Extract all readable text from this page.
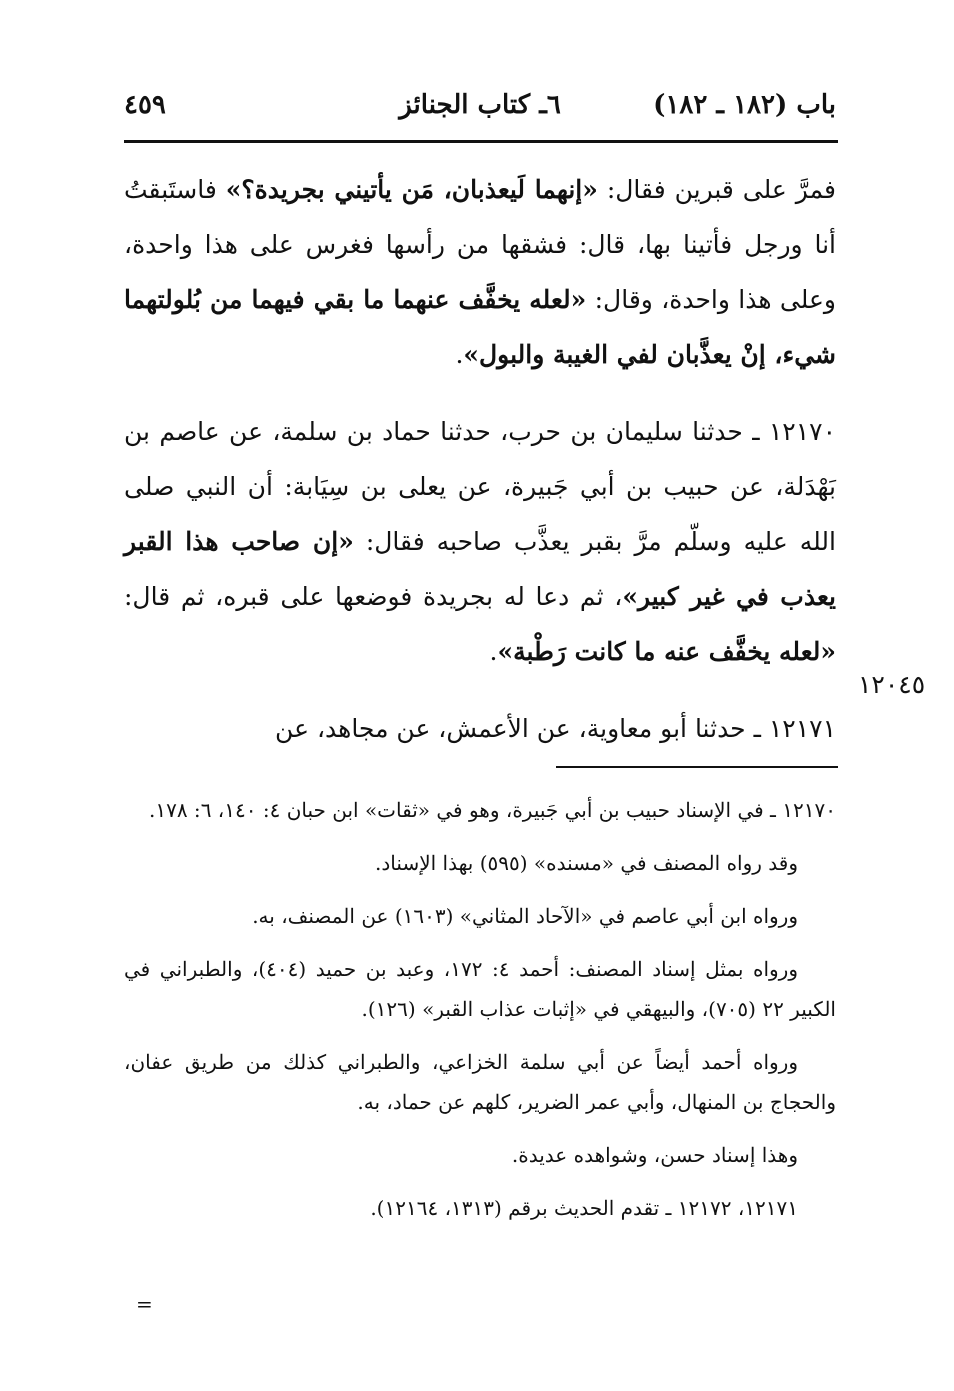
باب (١٨٢ ـ ١٨٢)
٦ـ كتاب الجنائز
٤٥٩

فمرَّ على قبرين فقال: «إنهما لَيعذبان، مَن يأتيني بجريدة؟» فاستَبقتُ أنا ورجل فأتينا بها، قال: فشقها من رأسها فغرس على هذا واحدة، وعلى هذا واحدة، وقال: «لعله يخفَّف عنهما ما بقي فيهما من بُلولتهما شيء، إنْ يعذَّبان لفي الغيبة والبول».

١٢١٧٠ ـ حدثنا سليمان بن حرب، حدثنا حماد بن سلمة، عن عاصم بن بَهْدَلة، عن حبيب بن أبي جَبيرة، عن يعلى بن سِيَابة: أن النبي صلى الله عليه وسلّم مرَّ بقبر يعذَّب صاحبه فقال: «إن صاحب هذا القبر يعذب في غير كبير»، ثم دعا له بجريدة فوضعها على قبره، ثم قال: «لعله يخفَّف عنه ما كانت رَطْبة».

١٢١٧١ ـ حدثنا أبو معاوية، عن الأعمش، عن مجاهد، عن

١٢٠٤٥

١٢١٧٠ ـ في الإسناد حبيب بن أبي جَبيرة، وهو في «ثقات» ابن حبان ٤: ١٤٠، ٦: ١٧٨.

وقد رواه المصنف في «مسنده» (٥٩٥) بهذا الإسناد.

ورواه ابن أبي عاصم في «الآحاد المثاني» (١٦٠٣) عن المصنف، به.

ورواه بمثل إسناد المصنف: أحمد ٤: ١٧٢، وعبد بن حميد (٤٠٤)، والطبراني في الكبير ٢٢ (٧٠٥)، والبيهقي في «إثبات عذاب القبر» (١٢٦).

ورواه أحمد أيضاً عن أبي سلمة الخزاعي، والطبراني كذلك من طريق عفان، والحجاج بن المنهال، وأبي عمر الضرير، كلهم عن حماد، به.

وهذا إسناد حسن، وشواهده عديدة.

١٢١٧١، ١٢١٧٢ ـ تقدم الحديث برقم (١٣١٣، ١٢١٦٤).

=
